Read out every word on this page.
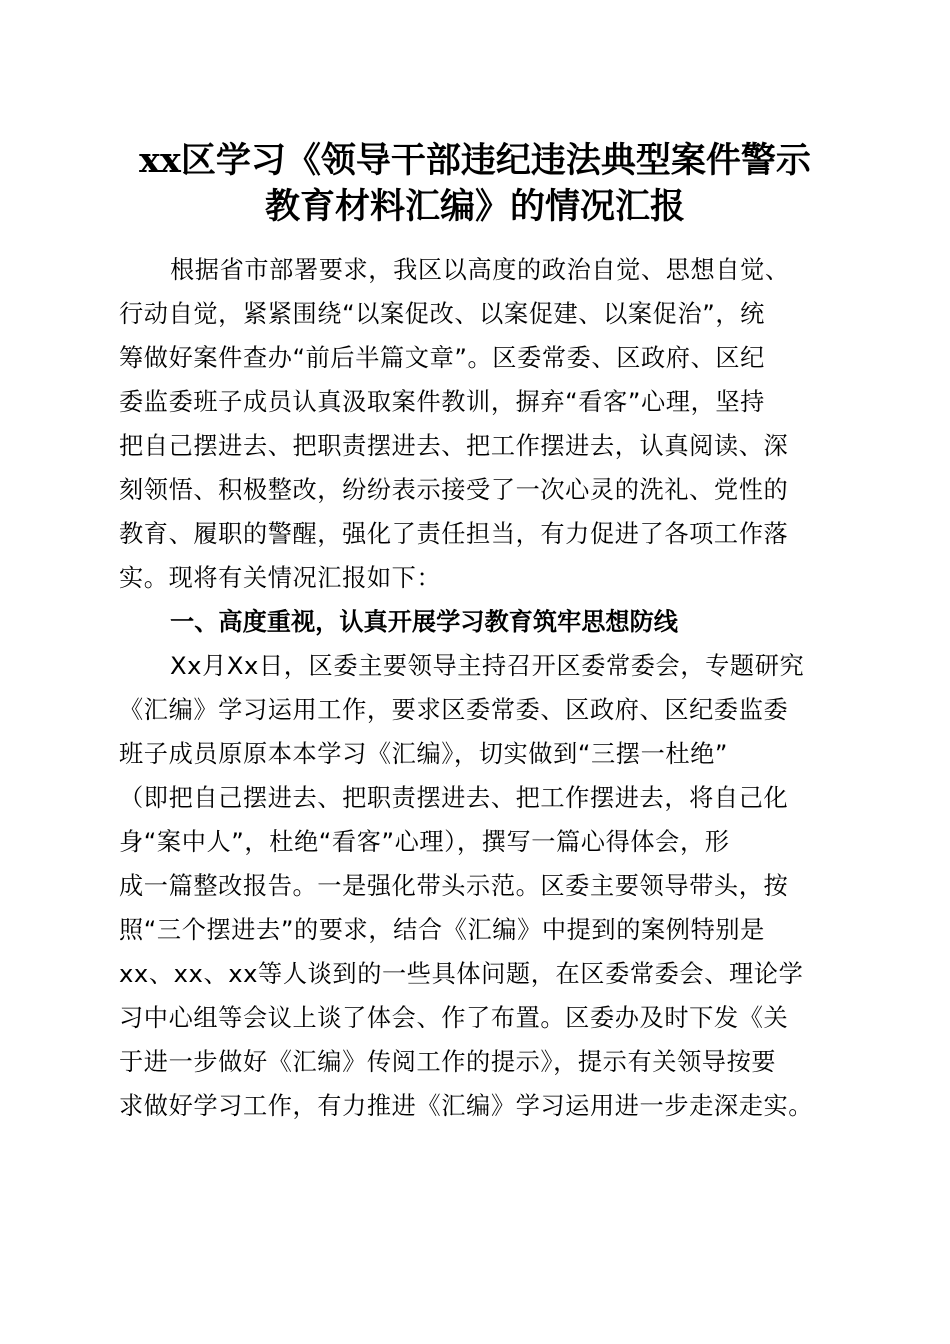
xx区学习《领导干部违纪违法典型案件警示
教育材料汇编》的情况汇报
根据省市部署要求，我区以高度的政治自觉、思想自觉、
行动自觉，紧紧围绕“以案促改、以案促建、以案促治”，统
筹做好案件查办“前后半篇文章”。区委常委、区政府、区纪
委监委班子成员认真汲取案件教训，摒弃“看客”心理，坚持
把自己摆进去、把职责摆进去、把工作摆进去，认真阅读、深
刻领悟、积极整改，纷纷表示接受了一次心灵的洗礼、党性的
教育、履职的警醒，强化了责任担当，有力促进了各项工作落
实。现将有关情况汇报如下：
一、高度重视，认真开展学习教育筑牢思想防线
Xx月Xx日，区委主要领导主持召开区委常委会，专题研究
《汇编》学习运用工作，要求区委常委、区政府、区纪委监委
班子成员原原本本学习《汇编》，切实做到“三摆一杜绝”
（即把自己摆进去、把职责摆进去、把工作摆进去，将自己化
身“案中人”，杜绝“看客”心理），撰写一篇心得体会，形
成一篇整改报告。一是强化带头示范。区委主要领导带头，按
照“三个摆进去”的要求，结合《汇编》中提到的案例特别是
xx、xx、xx等人谈到的一些具体问题，在区委常委会、理论学
习中心组等会议上谈了体会、作了布置。区委办及时下发《关
于进一步做好《汇编》传阅工作的提示》，提示有关领导按要
求做好学习工作，有力推进《汇编》学习运用进一步走深走实。
